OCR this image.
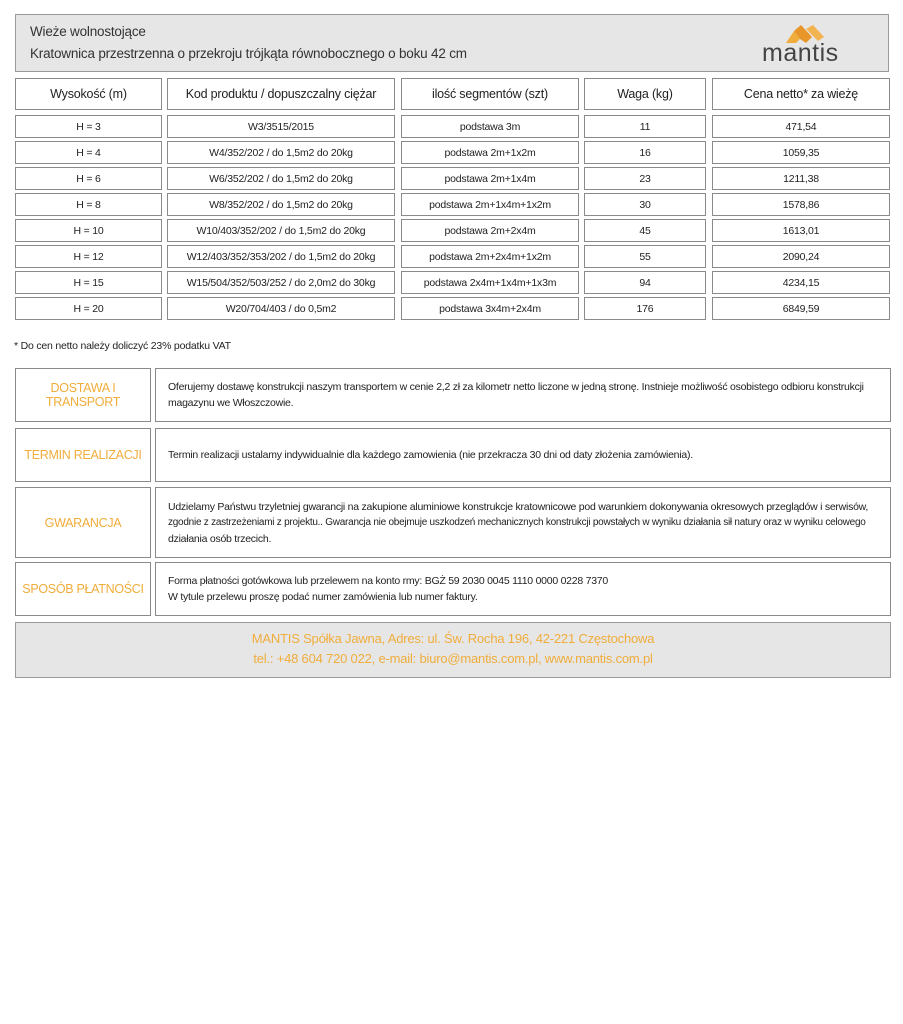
Wieże wolnostojące
Kratownica przestrzenna o przekroju trójkąta równobocznego o boku 42 cm	mantis
Wysokość (m)	Kod produktu / dopuszczalny ciężar	ilość segmentów (szt)	Waga (kg)	Cena netto* za wieżę
H = 3	W3/3515/2015	podstawa 3m	11	471,54
H = 4	W4/352/202 / do 1,5m2 do 20kg	podstawa 2m+1x2m	16	1059,35
H = 6	W6/352/202 / do 1,5m2 do 20kg	podstawa 2m+1x4m	23	1211,38
H = 8	W8/352/202 / do 1,5m2 do 20kg	podstawa 2m+1x4m+1x2m	30	1578,86
H = 10	W10/403/352/202 / do 1,5m2 do 20kg	podstawa 2m+2x4m	45	1613,01
H = 12	W12/403/352/353/202 / do 1,5m2 do 20kg	podstawa 2m+2x4m+1x2m	55	2090,24
H = 15	W15/504/352/503/252 / do 2,0m2 do 30kg	podstawa 2x4m+1x4m+1x3m	94	4234,15
H = 20	W20/704/403 / do 0,5m2	podstawa 3x4m+2x4m	176	6849,59
* Do cen netto należy doliczyć 23% podatku VAT
DOSTAWA I TRANSPORT
Oferujemy dostawę konstrukcji naszym transportem w cenie 2,2 zł za kilometr netto liczone w jedną stronę. Instnieje możliwość osobistego odbioru konstrukcji
magazynu we Włoszczowie.
TERMIN REALIZACJI	Termin realizacji ustalamy indywidualnie dla każdego zamowienia (nie przekracza 30 dni od daty złożenia zamówienia).
GWARANCJA
Udzielamy Państwu trzyletniej gwarancji na zakupione aluminiowe konstrukcje kratownicowe pod warunkiem dokonywania okresowych przeglądów i serwisów,
zgodnie z zastrzeżeniami z projektu.. Gwarancja nie obejmuje uszkodzeń mechanicznych konstrukcji powstałych w wyniku działania sił natury oraz w wyniku celowego
działania osób trzecich.
SPOSÓB PŁATNOŚCI
Forma płatności gotówkowa lub przelewem na konto rmy: BGŻ 59 2030 0045 1110 0000 0228 7370
W tytule przelewu proszę podać numer zamówienia lub numer faktury.
MANTIS Spółka Jawna, Adres: ul. Św. Rocha 196, 42-221 Częstochowa
tel.: +48 604 720 022, e-mail: biuro@mantis.com.pl, www.mantis.com.pl
